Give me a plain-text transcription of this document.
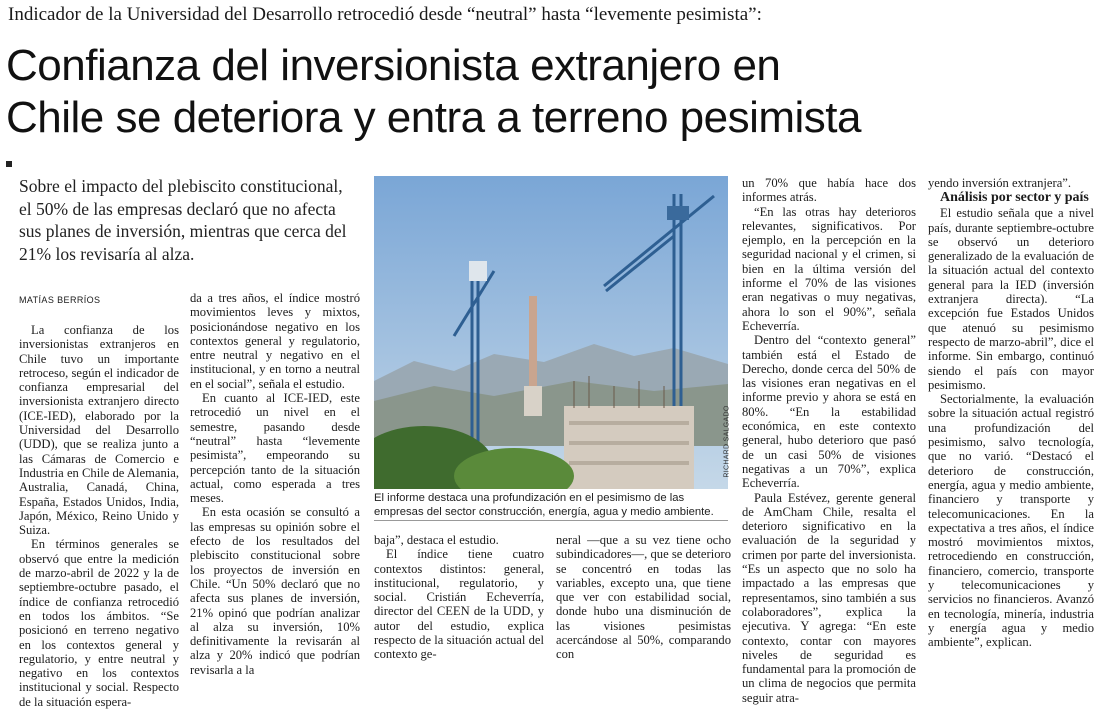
Indicador de la Universidad del Desarrollo retrocedió desde “neutral” hasta “levemente pesimista”:
Confianza del inversionista extranjero en
Chile se deteriora y entra a terreno pesimista
Sobre el impacto del plebiscito constitucional, el 50% de las empresas declaró que no afecta sus planes de inversión, mientras que cerca del 21% los revisaría al alza.
MATÍAS BERRÍOS

La confianza de los inversionistas extranjeros en Chile tuvo un importante retroceso, según el indicador de confianza empresarial del inversionista extranjero directo (ICE-IED), elaborado por la Universidad del Desarrollo (UDD), que se realiza junto a las Cámaras de Comercio e Industria en Chile de Alemania, Australia, Canadá, China, España, Estados Unidos, India, Japón, México, Reino Unido y Suiza.

En términos generales se observó que entre la medición de marzo-abril de 2022 y la de septiembre-octubre pasado, el índice de confianza retrocedió en todos los ámbitos. “Se posicionó en terreno negativo en los contextos general y regulatorio, y entre neutral y negativo en los contextos institucional y social. Respecto de la situación espera-

da a tres años, el índice mostró movimientos leves y mixtos, posicionándose negativo en los contextos general y regulatorio, entre neutral y negativo en el institucional, y en torno a neutral en el social”, señala el estudio.

En cuanto al ICE-IED, este retrocedió un nivel en el semestre, pasando desde “neutral” hasta “levemente pesimista”, empeorando su percepción tanto de la situación actual, como esperada a tres meses.

En esta ocasión se consultó a las empresas su opinión sobre el efecto de los resultados del plebiscito constitucional sobre los proyectos de inversión en Chile. “Un 50% declaró que no afecta sus planes de inversión, 21% opinó que podrían analizar al alza su inversión, 10% definitivamente la revisarán al alza y 20% indicó que podrían revisarla a la

RICHARD SALGADO
El informe destaca una profundización en el pesimismo de las empresas del sector construcción, energía, agua y medio ambiente.

baja”, destaca el estudio.

El índice tiene cuatro contextos distintos: general, institucional, regulatorio, y social. Cristián Echeverría, director del CEEN de la UDD, y autor del estudio, explica respecto de la situación actual del contexto ge-

neral —que a su vez tiene ocho subindicadores—, que se deterioro se concentró en todas las variables, excepto una, que tiene que ver con estabilidad social, donde hubo una disminución de las visiones pesimistas acercándose al 50%, comparando con

un 70% que había hace dos informes atrás.

“En las otras hay deterioros relevantes, significativos. Por ejemplo, en la percepción en la seguridad nacional y el crimen, si bien en la última versión del informe el 70% de las visiones eran negativas o muy negativas, ahora lo son el 90%”, señala Echeverría.

Dentro del “contexto general” también está el Estado de Derecho, donde cerca del 50% de las visiones eran negativas en el informe previo y ahora se está en 80%. “En la estabilidad económica, en este contexto general, hubo deterioro que pasó de un casi 50% de visiones negativas a un 70%”, explica Echeverría.

Paula Estévez, gerente general de AmCham Chile, resalta el deterioro significativo en la evaluación de la seguridad y crimen por parte del inversionista. “Es un aspecto que no solo ha impactado a las empresas que representamos, sino también a sus colaboradores”, explica la ejecutiva. Y agrega: “En este contexto, contar con mayores niveles de seguridad es fundamental para la promoción de un clima de negocios que permita seguir atra-

yendo inversión extranjera”.

Análisis por sector y país

El estudio señala que a nivel país, durante septiembre-octubre se observó un deterioro generalizado de la evaluación de la situación actual del contexto general para la IED (inversión extranjera directa). “La excepción fue Estados Unidos que atenuó su pesimismo respecto de marzo-abril”, dice el informe. Sin embargo, continuó siendo el país con mayor pesimismo.

Sectorialmente, la evaluación sobre la situación actual registró una profundización del pesimismo, salvo tecnología, que no varió. “Destacó el deterioro de construcción, energía, agua y medio ambiente, financiero y transporte y telecomunicaciones. En la expectativa a tres años, el índice mostró movimientos mixtos, retrocediendo en construcción, financiero, comercio, transporte y telecomunicaciones y servicios no financieros. Avanzó en tecnología, minería, industria y energía agua y medio ambiente”, explican.
